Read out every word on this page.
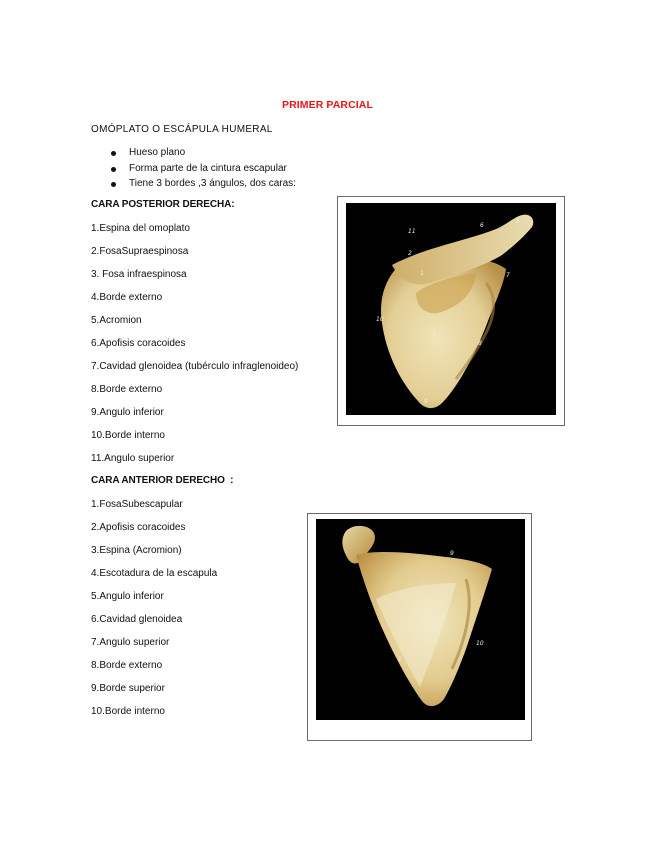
PRIMER PARCIAL
OMÓPLATO O ESCÁPULA HUMERAL
Hueso plano
Forma parte de la cintura escapular
Tiene 3 bordes ,3 ángulos, dos caras:
CARA POSTERIOR DERECHA:
1.Espina del omoplato
2.FosaSupraespinosa
3. Fosa infraespinosa
4.Borde externo
5.Acromion
6.Apofisis coracoides
7.Cavidad glenoidea (tubérculo infraglenoideo)
8.Borde externo
9.Angulo inferior
10.Borde interno
11.Angulo superior
11
6
5
7
10
3
8
9
2
1
CARA ANTERIOR DERECHO  :
1.FosaSubescapular
2.Apofisis coracoides
3.Espina (Acromion)
4.Escotadura de la escapula
5.Angulo inferior
6.Cavidad glenoidea
7.Angulo superior
8.Borde externo
9.Borde superior
10.Borde interno
9
10
1
